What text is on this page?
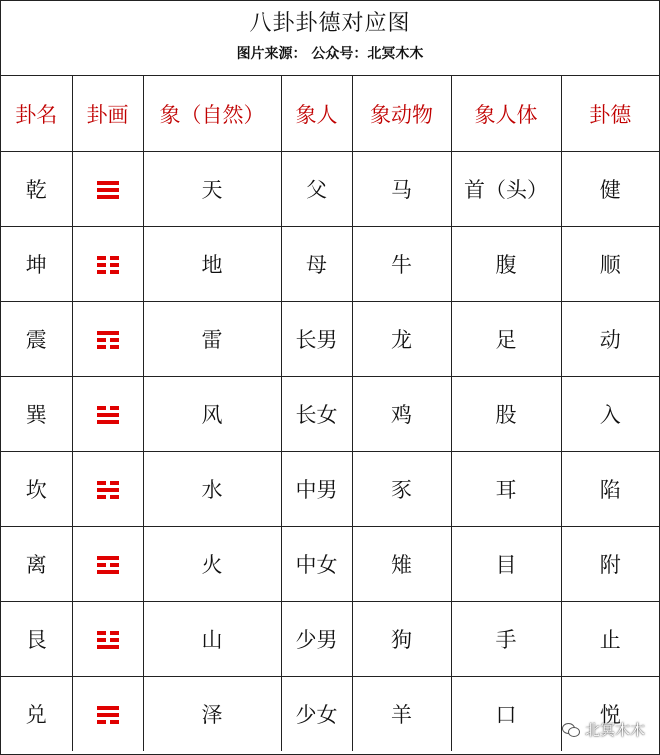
八卦卦德对应图
图片来源： 公众号：北冥木木
卦名	卦画	象（自然）	象人	象动物	象人体	卦德
乾		天	父	马	首（头）	健
坤		地	母	牛	腹	顺
震		雷	长男	龙	足	动
巽		风	长女	鸡	股	入
坎		水	中男	豕	耳	陷
离		火	中女	雉	目	附
艮		山	少男	狗	手	止
兑		泽	少女	羊	口	悦
北冥木木
